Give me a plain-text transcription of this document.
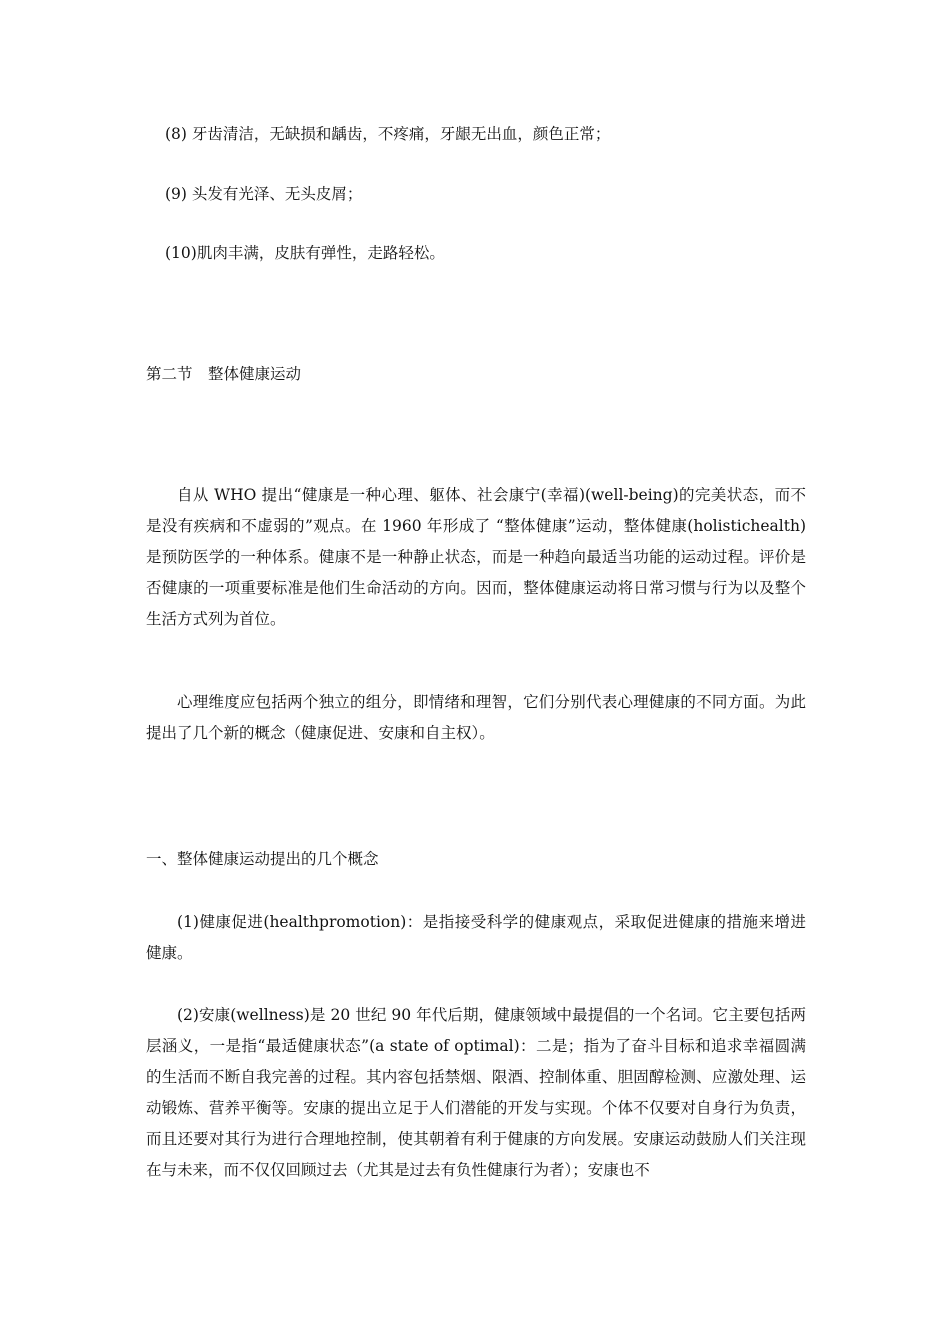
(8) 牙齿清洁，无缺损和龋齿，不疼痛，牙龈无出血，颜色正常；
(9) 头发有光泽、无头皮屑；
(10)肌肉丰满，皮肤有弹性，走路轻松。
第二节　整体健康运动
自从 WHO 提出“健康是一种心理、躯体、社会康宁(幸福)(well-being)的完美状态，而不是没有疾病和不虚弱的”观点。在 1960 年形成了 “整体健康”运动，整体健康(holistichealth)是预防医学的一种体系。健康不是一种静止状态，而是一种趋向最适当功能的运动过程。评价是否健康的一项重要标准是他们生命活动的方向。因而，整体健康运动将日常习惯与行为以及整个生活方式列为首位。
心理维度应包括两个独立的组分，即情绪和理智，它们分别代表心理健康的不同方面。为此提出了几个新的概念（健康促进、安康和自主权）。
一、整体健康运动提出的几个概念
(1)健康促进(healthpromotion)：是指接受科学的健康观点，采取促进健康的措施来增进健康。
(2)安康(wellness)是 20 世纪 90 年代后期，健康领域中最提倡的一个名词。它主要包括两层涵义，一是指“最适健康状态”(a state of optimal)：二是；指为了奋斗目标和追求幸福圆满的生活而不断自我完善的过程。其内容包括禁烟、限酒、控制体重、胆固醇检测、应激处理、运动锻炼、营养平衡等。安康的提出立足于人们潜能的开发与实现。个体不仅要对自身行为负责，而且还要对其行为进行合理地控制，使其朝着有利于健康的方向发展。安康运动鼓励人们关注现在与未来，而不仅仅回顾过去（尤其是过去有负性健康行为者）；安康也不
